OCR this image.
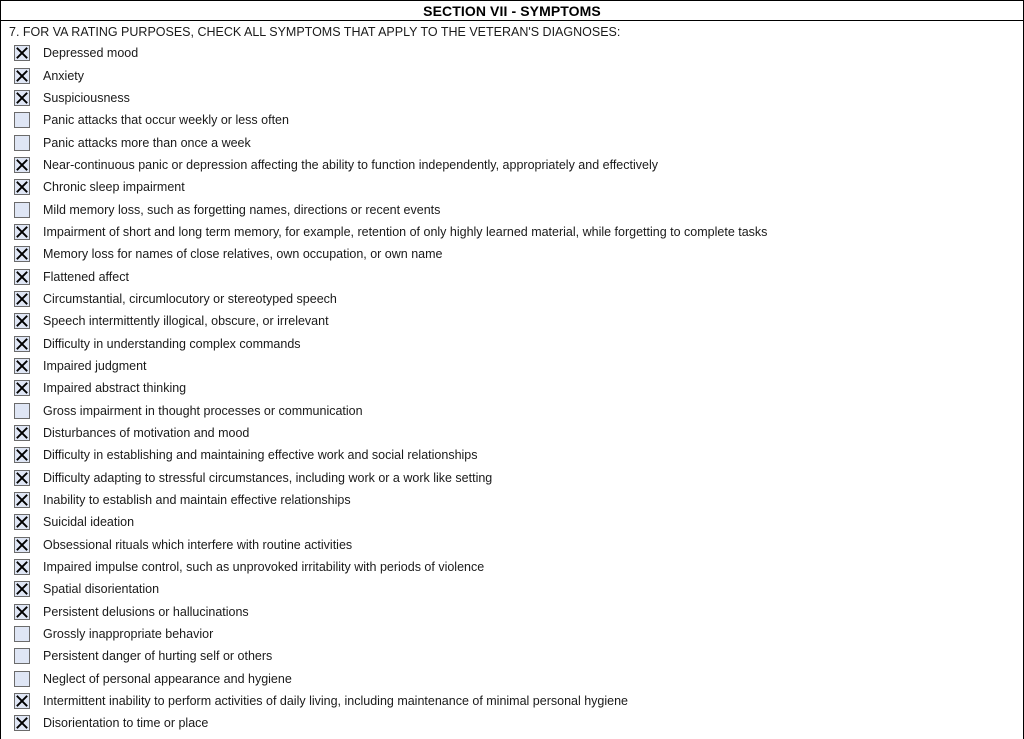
SECTION VII - SYMPTOMS
7. FOR VA RATING PURPOSES, CHECK ALL SYMPTOMS THAT APPLY TO THE VETERAN'S DIAGNOSES:
Depressed mood
Anxiety
Suspiciousness
Panic attacks that occur weekly or less often
Panic attacks more than once a week
Near-continuous panic or depression affecting the ability to function independently, appropriately and effectively
Chronic sleep impairment
Mild memory loss, such as forgetting names, directions or recent events
Impairment of short and long term memory, for example, retention of only highly learned material, while forgetting to complete tasks
Memory loss for names of close relatives, own occupation, or own name
Flattened affect
Circumstantial, circumlocutory or stereotyped speech
Speech intermittently illogical, obscure, or irrelevant
Difficulty in understanding complex commands
Impaired judgment
Impaired abstract thinking
Gross impairment in thought processes or communication
Disturbances of motivation and mood
Difficulty in establishing and maintaining effective work and social relationships
Difficulty adapting to stressful circumstances, including work or a work like setting
Inability to establish and maintain effective relationships
Suicidal ideation
Obsessional rituals which interfere with routine activities
Impaired impulse control, such as unprovoked irritability with periods of violence
Spatial disorientation
Persistent delusions or hallucinations
Grossly inappropriate behavior
Persistent danger of hurting self or others
Neglect of personal appearance and hygiene
Intermittent inability to perform activities of daily living, including maintenance of minimal personal hygiene
Disorientation to time or place
